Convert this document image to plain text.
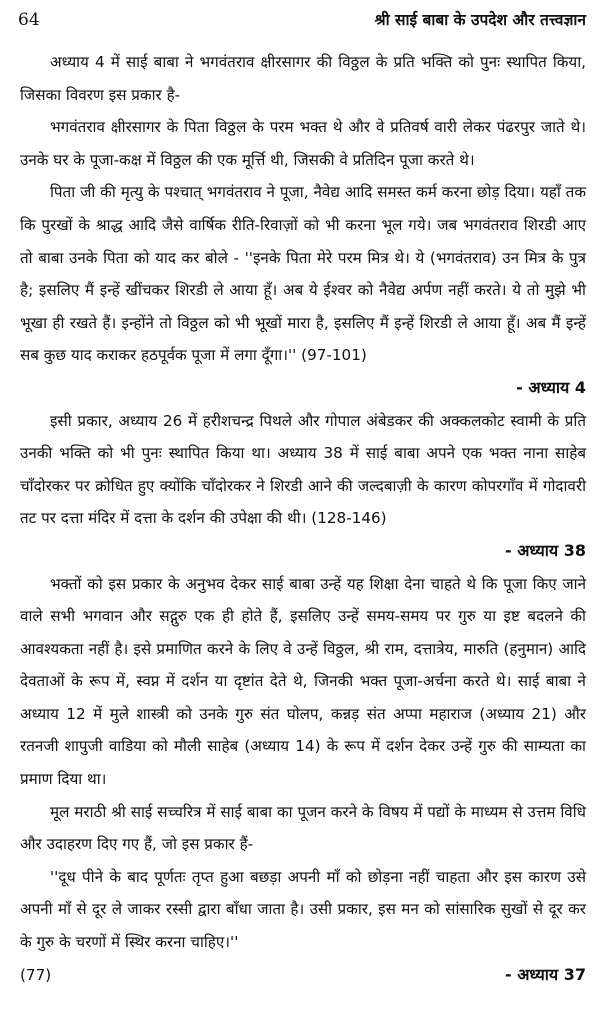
64	श्री साई बाबा के उपदेश और तत्त्वज्ञान

अध्याय 4 में साई बाबा ने भगवंतराव क्षीरसागर की विठ्ठल के प्रति भक्ति को पुनः स्थापित किया, जिसका विवरण इस प्रकार है-

भगवंतराव क्षीरसागर के पिता विठ्ठल के परम भक्त थे और वे प्रतिवर्ष वारी लेकर पंढरपुर जाते थे। उनके घर के पूजा-कक्ष में विठ्ठल की एक मूर्त्ति थी, जिसकी वे प्रतिदिन पूजा करते थे।

पिता जी की मृत्यु के पश्चात् भगवंतराव ने पूजा, नैवेद्य आदि समस्त कर्म करना छोड़ दिया। यहाँ तक कि पुरखों के श्राद्ध आदि जैसे वार्षिक रीति-रिवाज़ों को भी करना भूल गये। जब भगवंतराव शिरडी आए तो बाबा उनके पिता को याद कर बोले - ''इनके पिता मेरे परम मित्र थे। ये (भगवंतराव) उन मित्र के पुत्र है; इसलिए मैं इन्हें खींचकर शिरडी ले आया हूँ। अब ये ईश्वर को नैवेद्य अर्पण नहीं करते। ये तो मुझे भी भूखा ही रखते हैं। इन्होंने तो विठ्ठल को भी भूखों मारा है, इसलिए मैं इन्हें शिरडी ले आया हूँ। अब मैं इन्हें सब कुछ याद कराकर हठपूर्वक पूजा में लगा दूँगा।'' (97-101)

- अध्याय 4

इसी प्रकार, अध्याय 26 में हरीशचन्द्र पिथले और गोपाल अंबेडकर की अक्कलकोट स्वामी के प्रति उनकी भक्ति को भी पुनः स्थापित किया था। अध्याय 38 में साई बाबा अपने एक भक्त नाना साहेब चाँदोरकर पर क्रोधित हुए क्योंकि चाँदोरकर ने शिरडी आने की जल्दबाज़ी के कारण कोपरगाँव में गोदावरी तट पर दत्ता मंदिर में दत्ता के दर्शन की उपेक्षा की थी। (128-146)

- अध्याय 38

भक्तों को इस प्रकार के अनुभव देकर साई बाबा उन्हें यह शिक्षा देना चाहते थे कि पूजा किए जाने वाले सभी भगवान और सद्गुरु एक ही होते हैं, इसलिए उन्हें समय-समय पर गुरु या इष्ट बदलने की आवश्यकता नहीं है। इसे प्रमाणित करने के लिए वे उन्हें विठ्ठल, श्री राम, दत्तात्रेय, मारुति (हनुमान) आदि देवताओं के रूप में, स्वप्न में दर्शन या दृष्टांत देते थे, जिनकी भक्त पूजा-अर्चना करते थे। साई बाबा ने अध्याय 12 में मुले शास्त्री को उनके गुरु संत घोलप, कन्नड़ संत अप्पा महाराज (अध्याय 21) और रतनजी शापुजी वाडिया को मौली साहेब (अध्याय 14) के रूप में दर्शन देकर उन्हें गुरु की साम्यता का प्रमाण दिया था।

मूल मराठी श्री साई सच्चरित्र में साई बाबा का पूजन करने के विषय में पद्यों के माध्यम से उत्तम विधि और उदाहरण दिए गए हैं, जो इस प्रकार हैं-

''दूध पीने के बाद पूर्णतः तृप्त हुआ बछड़ा अपनी माँ को छोड़ना नहीं चाहता और इस कारण उसे अपनी माँ से दूर ले जाकर रस्सी द्वारा बाँधा जाता है। उसी प्रकार, इस मन को सांसारिक सुखों से दूर कर के गुरु के चरणों में स्थिर करना चाहिए।''

(77)	- अध्याय 37
